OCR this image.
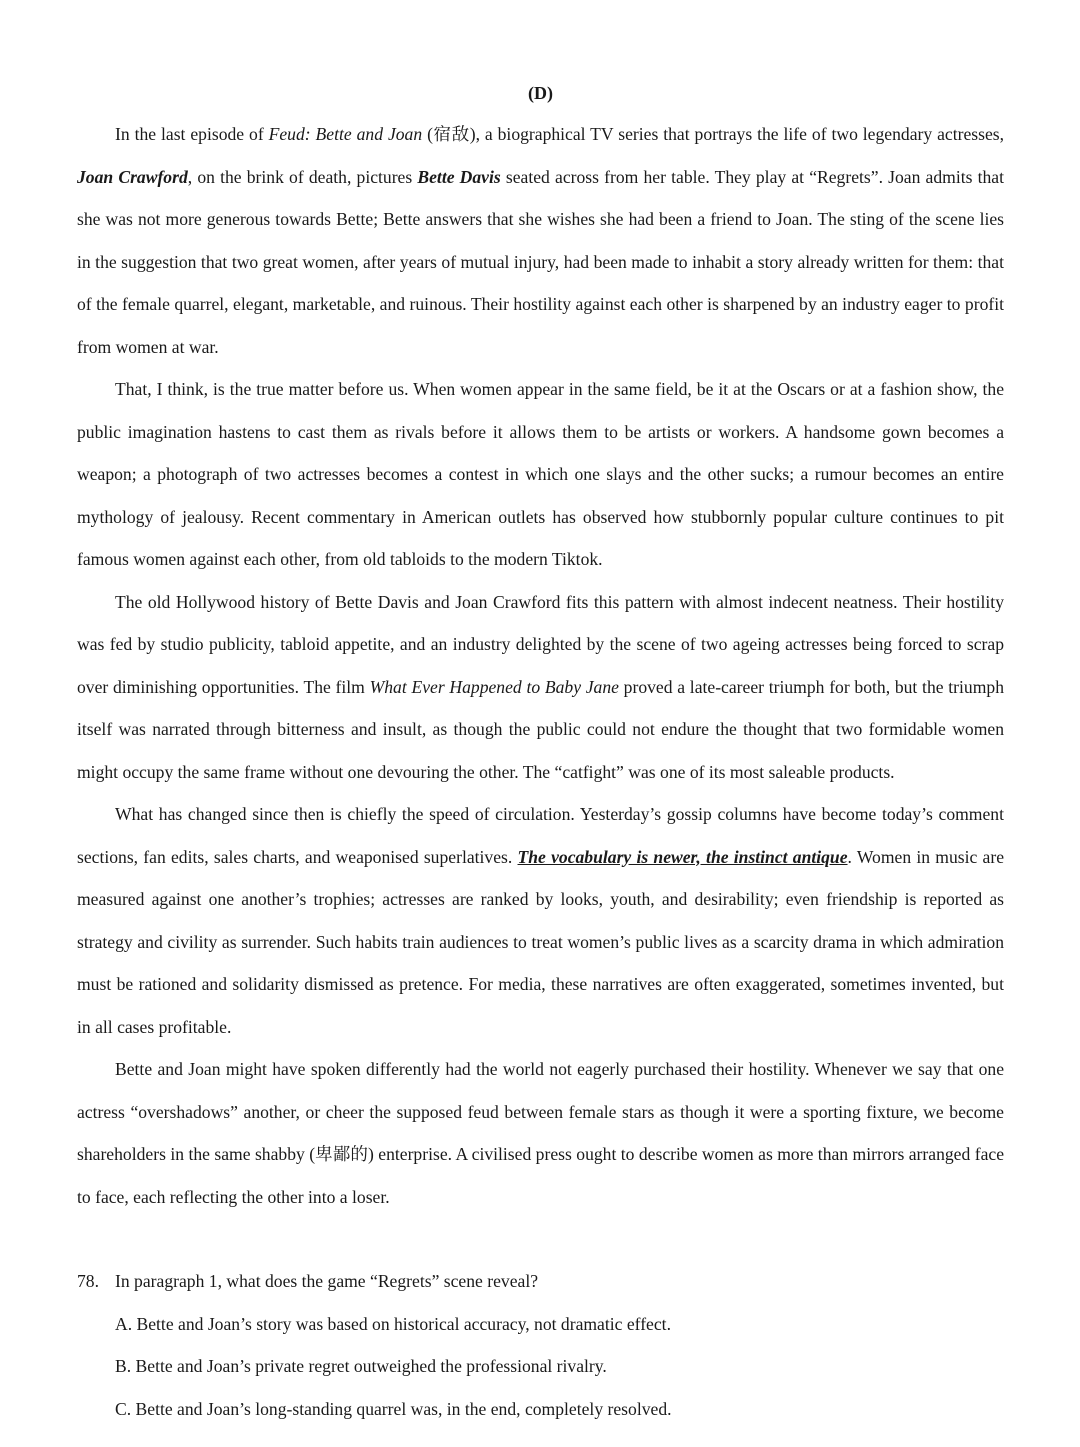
(D)

In the last episode of Feud: Bette and Joan (宿敌), a biographical TV series that portrays the life of two legendary actresses, Joan Crawford, on the brink of death, pictures Bette Davis seated across from her table. They play at “Regrets”. Joan admits that she was not more generous towards Bette; Bette answers that she wishes she had been a friend to Joan. The sting of the scene lies in the suggestion that two great women, after years of mutual injury, had been made to inhabit a story already written for them: that of the female quarrel, elegant, marketable, and ruinous. Their hostility against each other is sharpened by an industry eager to profit from women at war.

That, I think, is the true matter before us. When women appear in the same field, be it at the Oscars or at a fashion show, the public imagination hastens to cast them as rivals before it allows them to be artists or workers. A handsome gown becomes a weapon; a photograph of two actresses becomes a contest in which one slays and the other sucks; a rumour becomes an entire mythology of jealousy. Recent commentary in American outlets has observed how stubbornly popular culture continues to pit famous women against each other, from old tabloids to the modern Tiktok.

The old Hollywood history of Bette Davis and Joan Crawford fits this pattern with almost indecent neatness. Their hostility was fed by studio publicity, tabloid appetite, and an industry delighted by the scene of two ageing actresses being forced to scrap over diminishing opportunities. The film What Ever Happened to Baby Jane proved a late-career triumph for both, but the triumph itself was narrated through bitterness and insult, as though the public could not endure the thought that two formidable women might occupy the same frame without one devouring the other. The “catfight” was one of its most saleable products.

What has changed since then is chiefly the speed of circulation. Yesterday’s gossip columns have become today’s comment sections, fan edits, sales charts, and weaponised superlatives. The vocabulary is newer, the instinct antique. Women in music are measured against one another’s trophies; actresses are ranked by looks, youth, and desirability; even friendship is reported as strategy and civility as surrender. Such habits train audiences to treat women’s public lives as a scarcity drama in which admiration must be rationed and solidarity dismissed as pretence. For media, these narratives are often exaggerated, sometimes invented, but in all cases profitable.

Bette and Joan might have spoken differently had the world not eagerly purchased their hostility. Whenever we say that one actress “overshadows” another, or cheer the supposed feud between female stars as though it were a sporting fixture, we become shareholders in the same shabby (卑鄙的) enterprise. A civilised press ought to describe women as more than mirrors arranged face to face, each reflecting the other into a loser.

78. In paragraph 1, what does the game “Regrets” scene reveal?

A. Bette and Joan’s story was based on historical accuracy, not dramatic effect.

B. Bette and Joan’s private regret outweighed the professional rivalry.

C. Bette and Joan’s long-standing quarrel was, in the end, completely resolved.
